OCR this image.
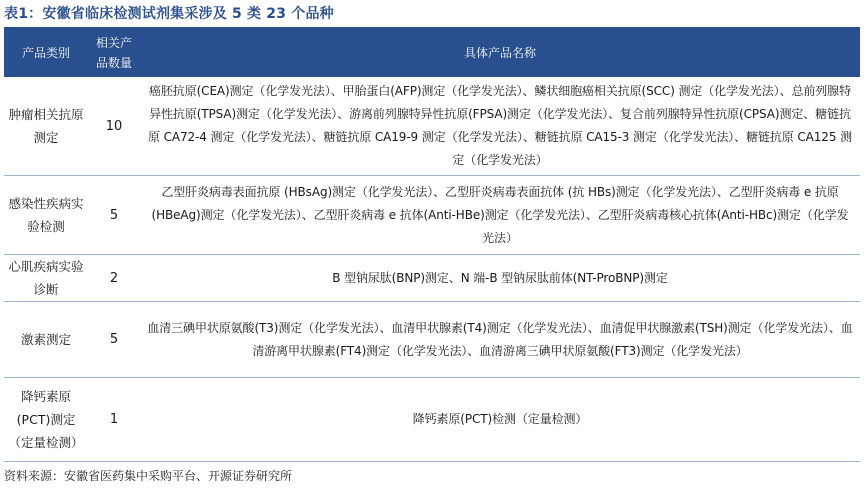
表1：安徽省临床检测试剂集采涉及 5 类 23 个品种
产品类别	相关产品数量	具体产品名称
肿瘤相关抗原测定	10	癌胚抗原(CEA)测定（化学发光法）、甲胎蛋白(AFP)测定（化学发光法）、鳞状细胞癌相关抗原(SCC) 测定（化学发光法）、总前列腺特异性抗原(TPSA)测定（化学发光法）、游离前列腺特异性抗原(FPSA)测定（化学发光法）、复合前列腺特异性抗原(CPSA)测定、糖链抗原 CA72-4 测定（化学发光法）、糖链抗原 CA19-9 测定（化学发光法）、糖链抗原 CA15-3 测定（化学发光法）、糖链抗原 CA125 测定（化学发光法）
感染性疾病实验检测	5	乙型肝炎病毒表面抗原 (HBsAg)测定（化学发光法）、乙型肝炎病毒表面抗体 (抗 HBs)测定（化学发光法）、乙型肝炎病毒 e 抗原 (HBeAg)测定（化学发光法）、乙型肝炎病毒 e 抗体(Anti-HBe)测定（化学发光法）、乙型肝炎病毒核心抗体(Anti-HBc)测定（化学发光法）
心肌疾病实验诊断	2	B 型钠尿肽(BNP)测定、N 端-B 型钠尿肽前体(NT-ProBNP)测定
激素测定	5	血清三碘甲状原氨酸(T3)测定（化学发光法）、血清甲状腺素(T4)测定（化学发光法）、血清促甲状腺激素(TSH)测定（化学发光法）、血清游离甲状腺素(FT4)测定（化学发光法）、血清游离三碘甲状原氨酸(FT3)测定（化学发光法）
降钙素原(PCT)测定（定量检测）	1	降钙素原(PCT)检测（定量检测）
资料来源：安徽省医药集中采购平台、开源证券研究所
